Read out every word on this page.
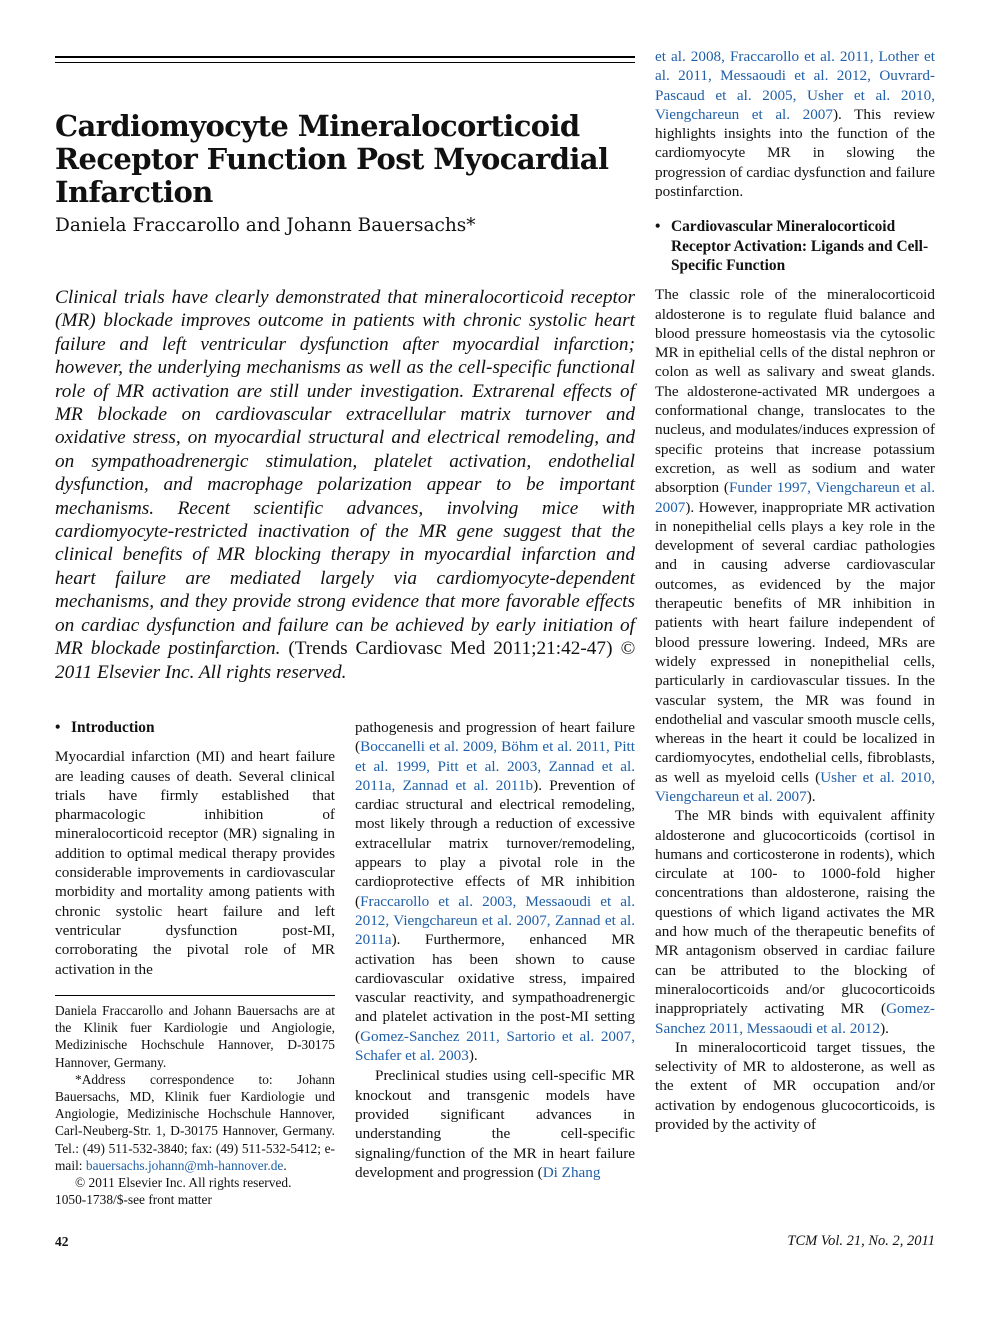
Cardiomyocyte Mineralocorticoid
Receptor Function Post Myocardial
Infarction
Daniela Fraccarollo and Johann Bauersachs*
Clinical trials have clearly demonstrated that mineralocorticoid receptor (MR) blockade improves outcome in patients with chronic systolic heart failure and left ventricular dysfunction after myocardial infarction; however, the underlying mechanisms as well as the cell-specific functional role of MR activation are still under investigation. Extrarenal effects of MR blockade on cardiovascular extracellular matrix turnover and oxidative stress, on myocardial structural and electrical remodeling, and on sympathoadrenergic stimulation, platelet activation, endothelial dysfunction, and macrophage polarization appear to be important mechanisms. Recent scientific advances, involving mice with cardiomyocyte-restricted inactivation of the MR gene suggest that the clinical benefits of MR blocking therapy in myocardial infarction and heart failure are mediated largely via cardiomyocyte-dependent mechanisms, and they provide strong evidence that more favorable effects on cardiac dysfunction and failure can be achieved by early initiation of MR blockade postinfarction. (Trends Cardiovasc Med 2011;21:42-47) © 2011 Elsevier Inc. All rights reserved.
• Introduction

Myocardial infarction (MI) and heart failure are leading causes of death. Several clinical trials have firmly established that pharmacologic inhibition of mineralocorticoid receptor (MR) signaling in addition to optimal medical therapy provides considerable improvements in cardiovascular morbidity and mortality among patients with chronic systolic heart failure and left ventricular dysfunction post-MI, corroborating the pivotal role of MR activation in the

Daniela Fraccarollo and Johann Bauersachs are at the Klinik fuer Kardiologie und Angiologie, Medizinische Hochschule Hannover, D-30175 Hannover, Germany.

*Address correspondence to: Johann Bauersachs, MD, Klinik fuer Kardiologie und Angiologie, Medizinische Hochschule Hannover, Carl-Neuberg-Str. 1, D-30175 Hannover, Germany. Tel.: (49) 511-532-3840; fax: (49) 511-532-5412; e-mail: bauersachs.johann@mh-hannover.de.

© 2011 Elsevier Inc. All rights reserved.

1050-1738/$-see front matter

pathogenesis and progression of heart failure (Boccanelli et al. 2009, Böhm et al. 2011, Pitt et al. 1999, Pitt et al. 2003, Zannad et al. 2011a, Zannad et al. 2011b). Prevention of cardiac structural and electrical remodeling, most likely through a reduction of excessive extracellular matrix turnover/remodeling, appears to play a pivotal role in the cardioprotective effects of MR inhibition (Fraccarollo et al. 2003, Messaoudi et al. 2012, Viengchareun et al. 2007, Zannad et al. 2011a). Furthermore, enhanced MR activation has been shown to cause cardiovascular oxidative stress, impaired vascular reactivity, and sympathoadrenergic and platelet activation in the post-MI setting (Gomez-Sanchez 2011, Sartorio et al. 2007, Schafer et al. 2003).

Preclinical studies using cell-specific MR knockout and transgenic models have provided significant advances in understanding the cell-specific signaling/function of the MR in heart failure development and progression (Di Zhang

et al. 2008, Fraccarollo et al. 2011, Lother et al. 2011, Messaoudi et al. 2012, Ouvrard-Pascaud et al. 2005, Usher et al. 2010, Viengchareun et al. 2007). This review highlights insights into the function of the cardiomyocyte MR in slowing the progression of cardiac dysfunction and failure postinfarction.

• Cardiovascular Mineralocorticoid Receptor Activation: Ligands and Cell-Specific Function

The classic role of the mineralocorticoid aldosterone is to regulate fluid balance and blood pressure homeostasis via the cytosolic MR in epithelial cells of the distal nephron or colon as well as salivary and sweat glands. The aldosterone-activated MR undergoes a conformational change, translocates to the nucleus, and modulates/induces expression of specific proteins that increase potassium excretion, as well as sodium and water absorption (Funder 1997, Viengchareun et al. 2007). However, inappropriate MR activation in nonepithelial cells plays a key role in the development of several cardiac pathologies and in causing adverse cardiovascular outcomes, as evidenced by the major therapeutic benefits of MR inhibition in patients with heart failure independent of blood pressure lowering. Indeed, MRs are widely expressed in nonepithelial cells, particularly in cardiovascular tissues. In the vascular system, the MR was found in endothelial and vascular smooth muscle cells, whereas in the heart it could be localized in cardiomyocytes, endothelial cells, fibroblasts, as well as myeloid cells (Usher et al. 2010, Viengchareun et al. 2007).

The MR binds with equivalent affinity aldosterone and glucocorticoids (cortisol in humans and corticosterone in rodents), which circulate at 100- to 1000-fold higher concentrations than aldosterone, raising the questions of which ligand activates the MR and how much of the therapeutic benefits of MR antagonism observed in cardiac failure can be attributed to the blocking of mineralocorticoids and/or glucocorticoids inappropriately activating MR (Gomez-Sanchez 2011, Messaoudi et al. 2012).

In mineralocorticoid target tissues, the selectivity of MR to aldosterone, as well as the extent of MR occupation and/or activation by endogenous glucocorticoids, is provided by the activity of

42	TCM Vol. 21, No. 2, 2011
